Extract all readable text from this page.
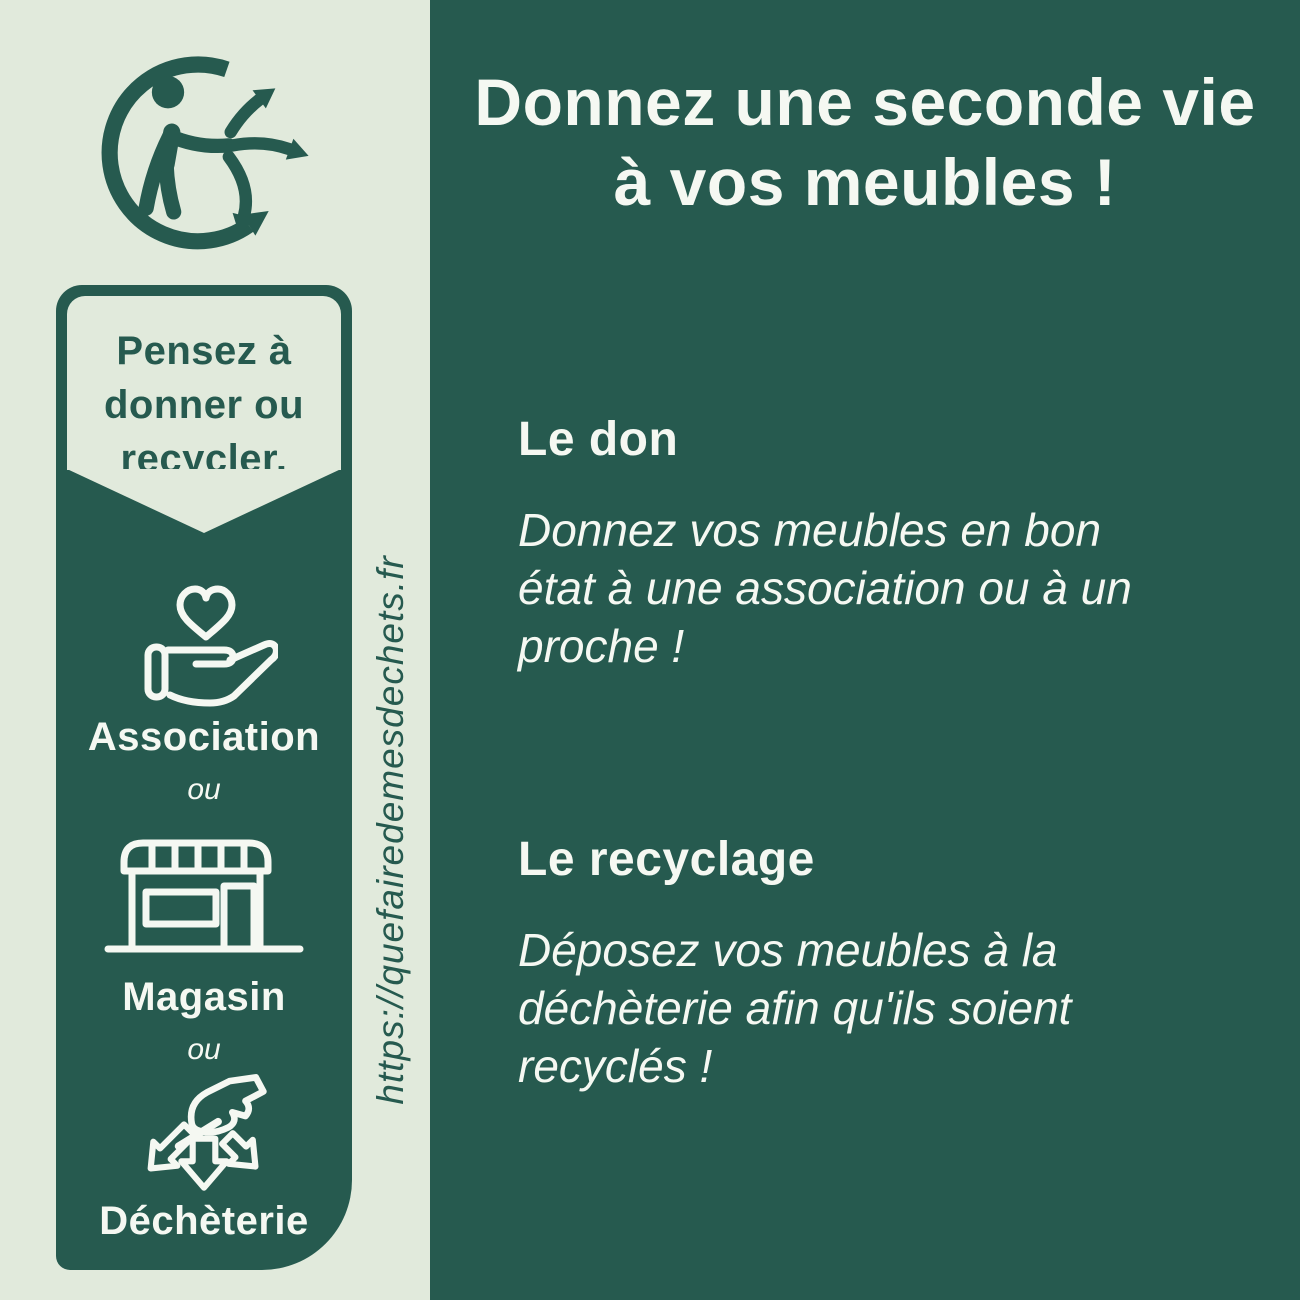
Donnez une seconde vie
à vos meubles !
Le don
Donnez vos meubles en bon
état à une association ou à un
proche !
Le recyclage
Déposez vos meubles à la
déchèterie afin qu'ils soient
recyclés !
Pensez à
donner ou
recycler.
Association
ou
Magasin
ou
Déchèterie
https://quefairedemesdechets.fr
